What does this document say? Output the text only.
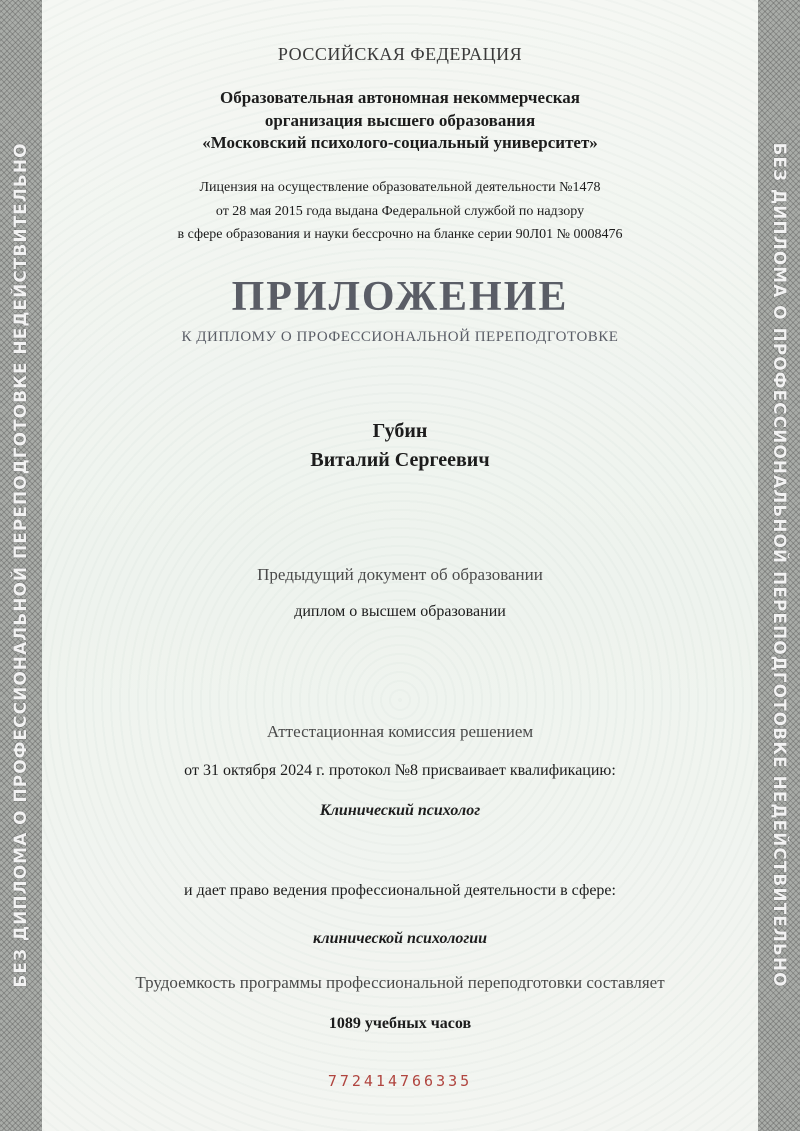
БЕЗ ДИПЛОМА О ПРОФЕССИОНАЛЬНОЙ ПЕРЕПОДГОТОВКЕ НЕДЕЙСТВИТЕЛЬНО	БЕЗ ДИПЛОМА О ПРОФЕССИОНАЛЬНОЙ ПЕРЕПОДГОТОВКЕ НЕДЕЙСТВИТЕЛЬНО
РОССИЙСКАЯ ФЕДЕРАЦИЯ
Образовательная автономная некоммерческая
организация высшего образования
«Московский психолого-социальный университет»
Лицензия на осуществление образовательной деятельности №1478
от 28 мая 2015 года выдана Федеральной службой по надзору
в сфере образования и науки бессрочно на бланке серии 90Л01 № 0008476
ПРИЛОЖЕНИЕ
К ДИПЛОМУ О ПРОФЕССИОНАЛЬНОЙ ПЕРЕПОДГОТОВКЕ
Губин
Виталий Сергеевич
Предыдущий документ об образовании
диплом о высшем образовании
Аттестационная комиссия решением
от 31 октября 2024 г. протокол №8 присваивает квалификацию:
Клинический психолог
и дает право ведения профессиональной деятельности в сфере:
клинической психологии
Трудоемкость программы профессиональной переподготовки составляет
1089 учебных часов
772414766335
